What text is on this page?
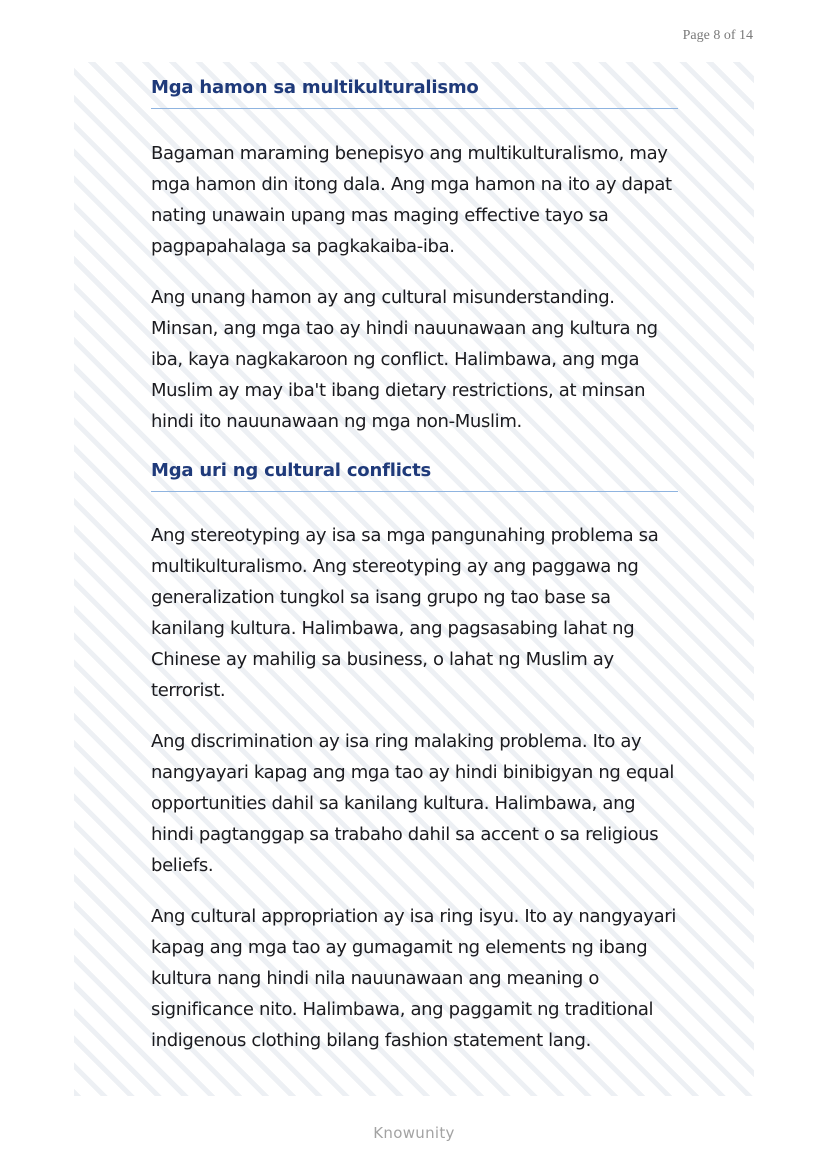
Page 8 of 14
Mga hamon sa multikulturalismo

Bagaman maraming benepisyo ang multikulturalismo, may mga hamon din itong dala. Ang mga hamon na ito ay dapat nating unawain upang mas maging effective tayo sa pagpapahalaga sa pagkakaiba-iba.

Ang unang hamon ay ang cultural misunderstanding. Minsan, ang mga tao ay hindi nauunawaan ang kultura ng iba, kaya nagkakaroon ng conflict. Halimbawa, ang mga Muslim ay may iba't ibang dietary restrictions, at minsan hindi ito nauunawaan ng mga non-Muslim.

Mga uri ng cultural conflicts

Ang stereotyping ay isa sa mga pangunahing problema sa multikulturalismo. Ang stereotyping ay ang paggawa ng generalization tungkol sa isang grupo ng tao base sa kanilang kultura. Halimbawa, ang pagsasabing lahat ng Chinese ay mahilig sa business, o lahat ng Muslim ay terrorist.

Ang discrimination ay isa ring malaking problema. Ito ay nangyayari kapag ang mga tao ay hindi binibigyan ng equal opportunities dahil sa kanilang kultura. Halimbawa, ang hindi pagtanggap sa trabaho dahil sa accent o sa religious beliefs.

Ang cultural appropriation ay isa ring isyu. Ito ay nangyayari kapag ang mga tao ay gumagamit ng elements ng ibang kultura nang hindi nila nauunawaan ang meaning o significance nito. Halimbawa, ang paggamit ng traditional indigenous clothing bilang fashion statement lang.

Knowunity
